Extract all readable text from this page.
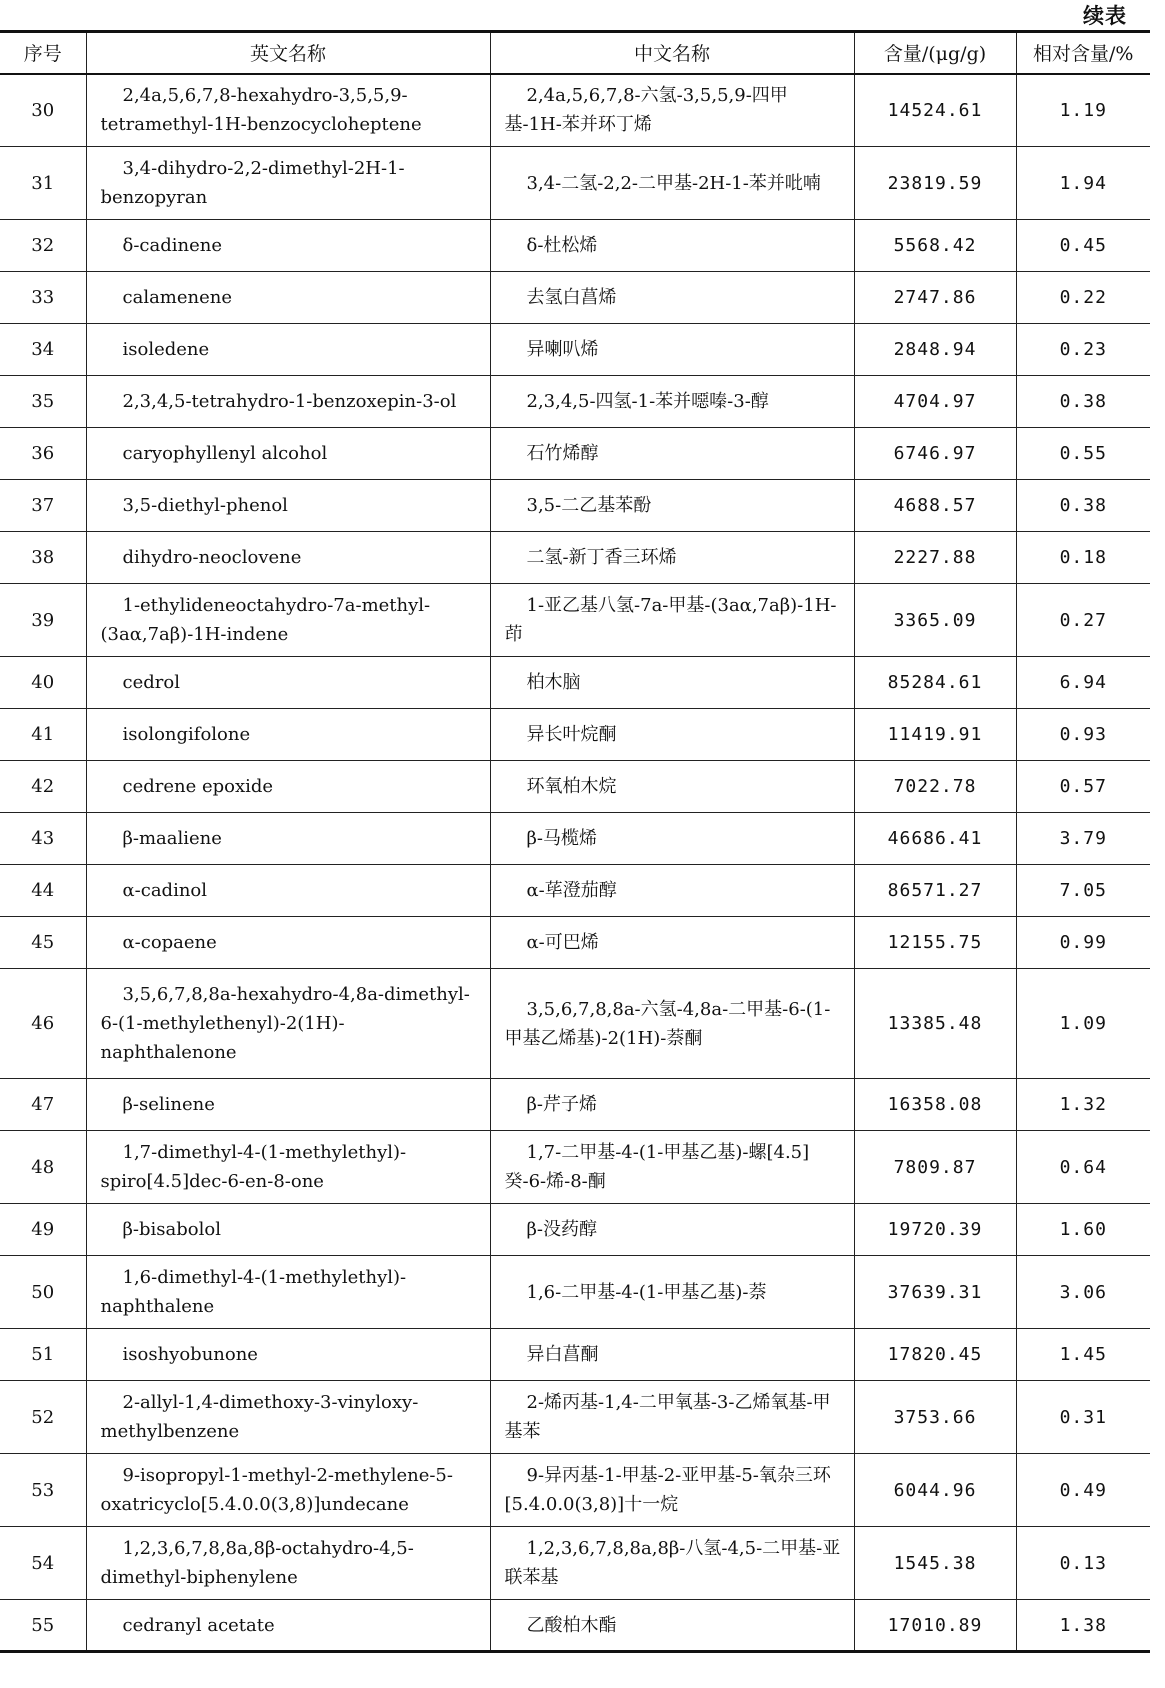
续表
序号	英文名称	中文名称	含量/(μg/g)	相对含量/%
30	2,4a,5,6,7,8-hexahydro-3,5,5,9-tetramethyl-1H-benzocycloheptene	2,4a,5,6,7,8-六氢-3,5,5,9-四甲基-1H-苯并环丁烯	14524.61	1.19
31	3,4-dihydro-2,2-dimethyl-2H-1-benzopyran	3,4-二氢-2,2-二甲基-2H-1-苯并吡喃	23819.59	1.94
32	δ-cadinene	δ-杜松烯	5568.42	0.45
33	calamenene	去氢白菖烯	2747.86	0.22
34	isoledene	异喇叭烯	2848.94	0.23
35	2,3,4,5-tetrahydro-1-benzoxepin-3-ol	2,3,4,5-四氢-1-苯并噁嗪-3-醇	4704.97	0.38
36	caryophyllenyl alcohol	石竹烯醇	6746.97	0.55
37	3,5-diethyl-phenol	3,5-二乙基苯酚	4688.57	0.38
38	dihydro-neoclovene	二氢-新丁香三环烯	2227.88	0.18
39	1-ethylideneoctahydro-7a-methyl-(3aα,7aβ)-1H-indene	1-亚乙基八氢-7a-甲基-(3aα,7aβ)-1H-茚	3365.09	0.27
40	cedrol	柏木脑	85284.61	6.94
41	isolongifolone	异长叶烷酮	11419.91	0.93
42	cedrene epoxide	环氧柏木烷	7022.78	0.57
43	β-maaliene	β-马榄烯	46686.41	3.79
44	α-cadinol	α-荜澄茄醇	86571.27	7.05
45	α-copaene	α-可巴烯	12155.75	0.99
46	3,5,6,7,8,8a-hexahydro-4,8a-dimethyl-6-(1-methylethenyl)-2(1H)-naphthalenone	3,5,6,7,8,8a-六氢-4,8a-二甲基-6-(1-甲基乙烯基)-2(1H)-萘酮	13385.48	1.09
47	β-selinene	β-芹子烯	16358.08	1.32
48	1,7-dimethyl-4-(1-methylethyl)-spiro[4.5]dec-6-en-8-one	1,7-二甲基-4-(1-甲基乙基)-螺[4.5]癸-6-烯-8-酮	7809.87	0.64
49	β-bisabolol	β-没药醇	19720.39	1.60
50	1,6-dimethyl-4-(1-methylethyl)-naphthalene	1,6-二甲基-4-(1-甲基乙基)-萘	37639.31	3.06
51	isoshyobunone	异白菖酮	17820.45	1.45
52	2-allyl-1,4-dimethoxy-3-vinyloxy-methylbenzene	2-烯丙基-1,4-二甲氧基-3-乙烯氧基-甲基苯	3753.66	0.31
53	9-isopropyl-1-methyl-2-methylene-5-oxatricyclo[5.4.0.0(3,8)]undecane	9-异丙基-1-甲基-2-亚甲基-5-氧杂三环[5.4.0.0(3,8)]十一烷	6044.96	0.49
54	1,2,3,6,7,8,8a,8β-octahydro-4,5-dimethyl-biphenylene	1,2,3,6,7,8,8a,8β-八氢-4,5-二甲基-亚联苯基	1545.38	0.13
55	cedranyl acetate	乙酸柏木酯	17010.89	1.38
